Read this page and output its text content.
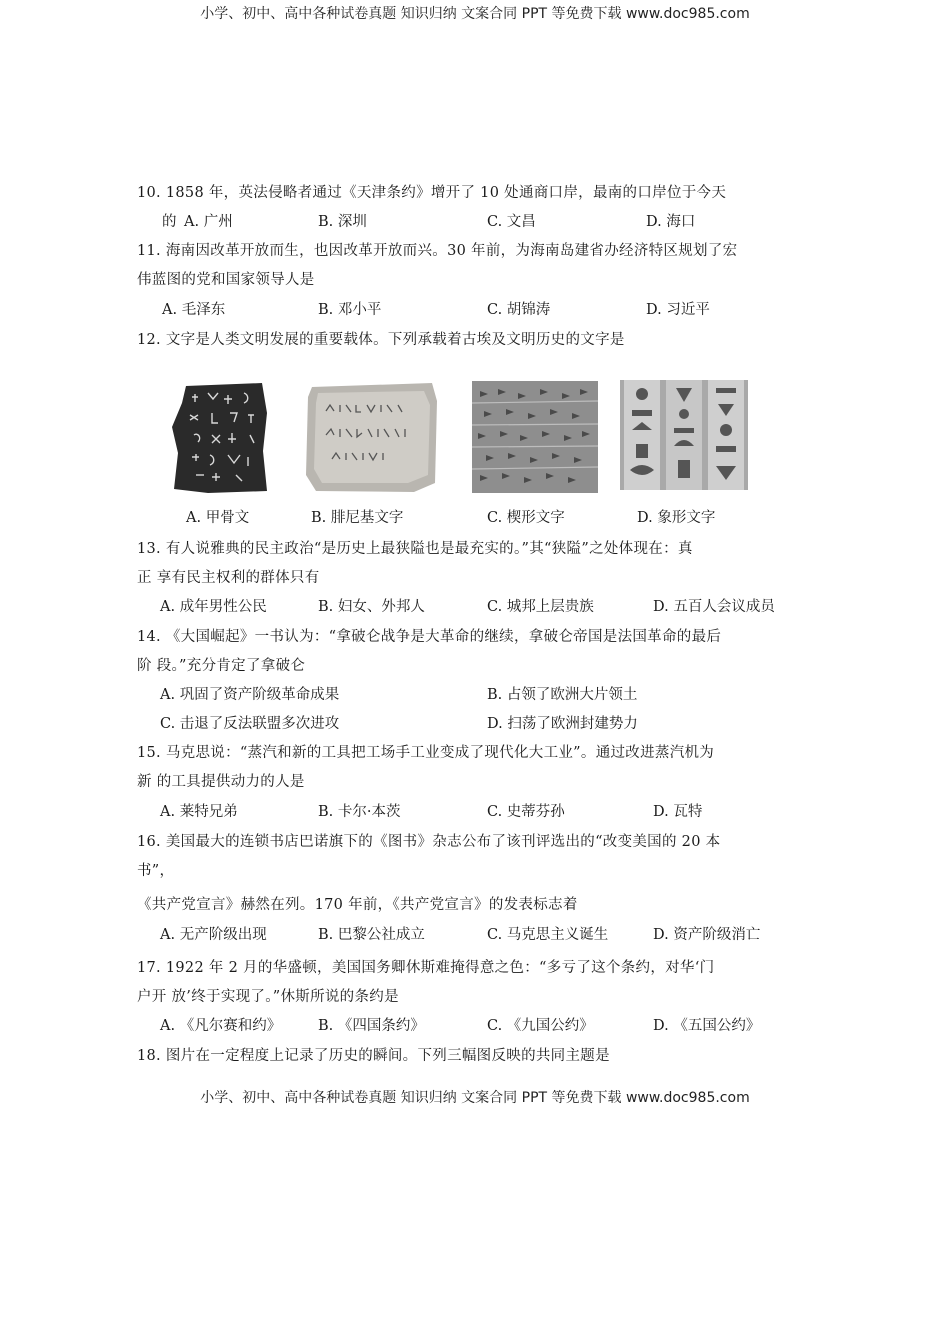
小学、初中、高中各种试卷真题 知识归纳 文案合同 PPT 等免费下载 www.doc985.com
10. 1858 年，英法侵略者通过《天津条约》增开了 10 处通商口岸，最南的口岸位于今天
的 A. 广州	B. 深圳	C. 文昌	D. 海口
11. 海南因改革开放而生，也因改革开放而兴。30 年前，为海南岛建省办经济特区规划了宏
伟蓝图的党和国家领导人是
A. 毛泽东	B. 邓小平	C. 胡锦涛	D. 习近平
12. 文字是人类文明发展的重要载体。下列承载着古埃及文明历史的文字是
A. 甲骨文	B. 腓尼基文字	C. 楔形文字	D. 象形文字
13. 有人说雅典的民主政治“是历史上最狭隘也是最充实的。”其“狭隘”之处体现在：真
正 享有民主权利的群体只有
A. 成年男性公民	B. 妇女、外邦人	C. 城邦上层贵族	D. 五百人会议成员
14. 《大国崛起》一书认为：“拿破仑战争是大革命的继续，拿破仑帝国是法国革命的最后
阶 段。”充分肯定了拿破仑
A. 巩固了资产阶级革命成果	B. 占领了欧洲大片领土
C. 击退了反法联盟多次进攻	D. 扫荡了欧洲封建势力
15. 马克思说：“蒸汽和新的工具把工场手工业变成了现代化大工业”。通过改进蒸汽机为
新 的工具提供动力的人是
A. 莱特兄弟	B. 卡尔·本茨	C. 史蒂芬孙	D. 瓦特
16. 美国最大的连锁书店巴诺旗下的《图书》杂志公布了该刊评选出的“改变美国的 20 本
书”，
《共产党宣言》赫然在列。170 年前，《共产党宣言》的发表标志着
A. 无产阶级出现	B. 巴黎公社成立	C. 马克思主义诞生	D. 资产阶级消亡
17. 1922 年 2 月的华盛顿，美国国务卿休斯难掩得意之色：“多亏了这个条约，对华‘门
户开 放’终于实现了。”休斯所说的条约是
A. 《凡尔赛和约》	B. 《四国条约》	C. 《九国公约》	D. 《五国公约》
18. 图片在一定程度上记录了历史的瞬间。下列三幅图反映的共同主题是
小学、初中、高中各种试卷真题 知识归纳 文案合同 PPT 等免费下载 www.doc985.com
